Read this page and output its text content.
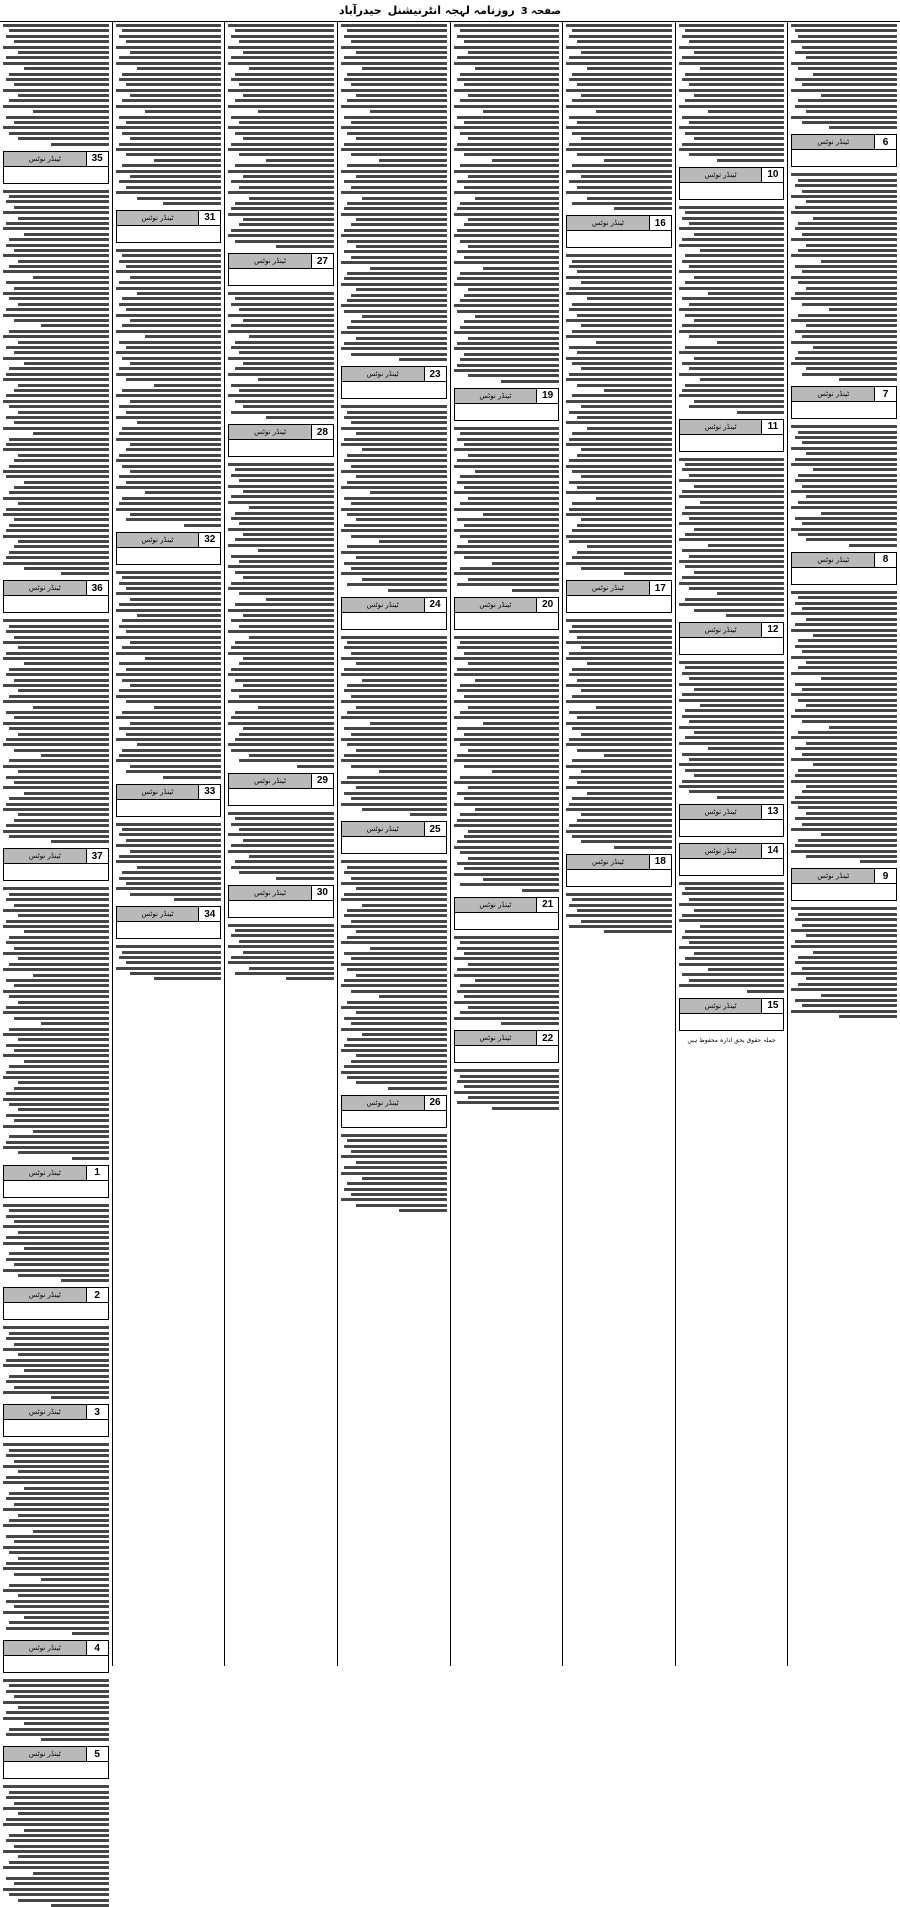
صفحہ 3
روزنامہ لہجہ انٹرنیشنل
حیدرآباد
6
ٹینڈر نوٹس
7
ٹینڈر نوٹس
8
ٹینڈر نوٹس
9
ٹینڈر نوٹس
10
ٹینڈر نوٹس
11
ٹینڈر نوٹس
12
ٹینڈر نوٹس
13
ٹینڈر نوٹس
14
ٹینڈر نوٹس
15
ٹینڈر نوٹس
جملہ حقوق بحق ادارہ محفوظ ہیں
16
ٹینڈر نوٹس
17
ٹینڈر نوٹس
18
ٹینڈر نوٹس
19
ٹینڈر نوٹس
20
ٹینڈر نوٹس
21
ٹینڈر نوٹس
22
ٹینڈر نوٹس
23
ٹینڈر نوٹس
24
ٹینڈر نوٹس
25
ٹینڈر نوٹس
26
ٹینڈر نوٹس
27
ٹینڈر نوٹس
28
ٹینڈر نوٹس
29
ٹینڈر نوٹس
30
ٹینڈر نوٹس
31
ٹینڈر نوٹس
32
ٹینڈر نوٹس
33
ٹینڈر نوٹس
34
ٹینڈر نوٹس
35
ٹینڈر نوٹس
36
ٹینڈر نوٹس
37
ٹینڈر نوٹس
1
ٹینڈر نوٹس
2
ٹینڈر نوٹس
3
ٹینڈر نوٹس
4
ٹینڈر نوٹس
5
ٹینڈر نوٹس
